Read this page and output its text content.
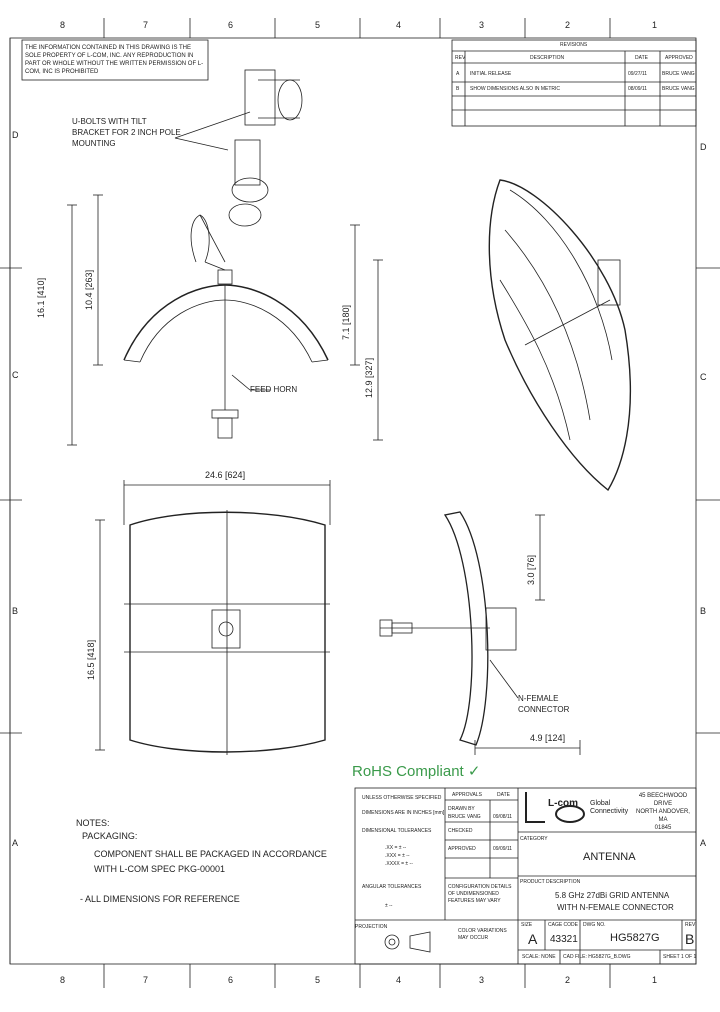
8	7	6	5	4	3	2	1
8	7	6	5	4	3	2	1
D
C
B
A
D
C
B
A
THE INFORMATION CONTAINED IN THIS DRAWING IS THE SOLE PROPERTY OF L-COM, INC. ANY REPRODUCTION IN PART OR WHOLE WITHOUT THE WRITTEN PERMISSION OF L-COM, INC IS PROHIBITED
REVISIONS
REV	DESCRIPTION	DATE	APPROVED
A INITIAL RELEASE	09/27/11	BRUCE VANG
B SHOW DIMENSIONS ALSO IN METRIC	08/09/11	BRUCE VANG
U-BOLTS WITH TILT BRACKET FOR 2 INCH POLE MOUNTING
FEED HORN
N-FEMALE CONNECTOR
16.1 [410]
10.4 [263]
7.1 [180]
12.9 [327]
24.6 [624]
16.5 [418]
3.0 [76]
4.9 [124]
RoHS Compliant ✓
NOTES:
PACKAGING:
COMPONENT SHALL BE PACKAGED IN ACCORDANCE
WITH L-COM SPEC PKG-00001
- ALL DIMENSIONS FOR REFERENCE
UNLESS OTHERWISE SPECIFIED
DIMENSIONS ARE IN INCHES [mm]
DIMENSIONAL TOLERANCES
.XX = ± --
.XXX = ± --
.XXXX = ± --
ANGULAR TOLERANCES
± --
APPROVALS	DATE
DRAWN BY
BRUCE VANG 09/08/11
CHECKED
APPROVED	09/09/11
CONFIGURATION DETAILS OF UNDIMENSIONED FEATURES MAY VARY
COLOR VARIATIONS MAY OCCUR
PROJECTION
L-com Global Connectivity
45 BEECHWOOD DRIVE
NORTH ANDOVER, MA
01845
CATEGORY
ANTENNA
PRODUCT DESCRIPTION
5.8 GHz 27dBi GRID ANTENNA
WITH N-FEMALE CONNECTOR
SIZE
A
CAGE CODE
43321
DWG NO.
HG5827G
REV
B
SCALE: NONE CAD FILE: HG5827G_B.DWG	SHEET 1 OF 1
